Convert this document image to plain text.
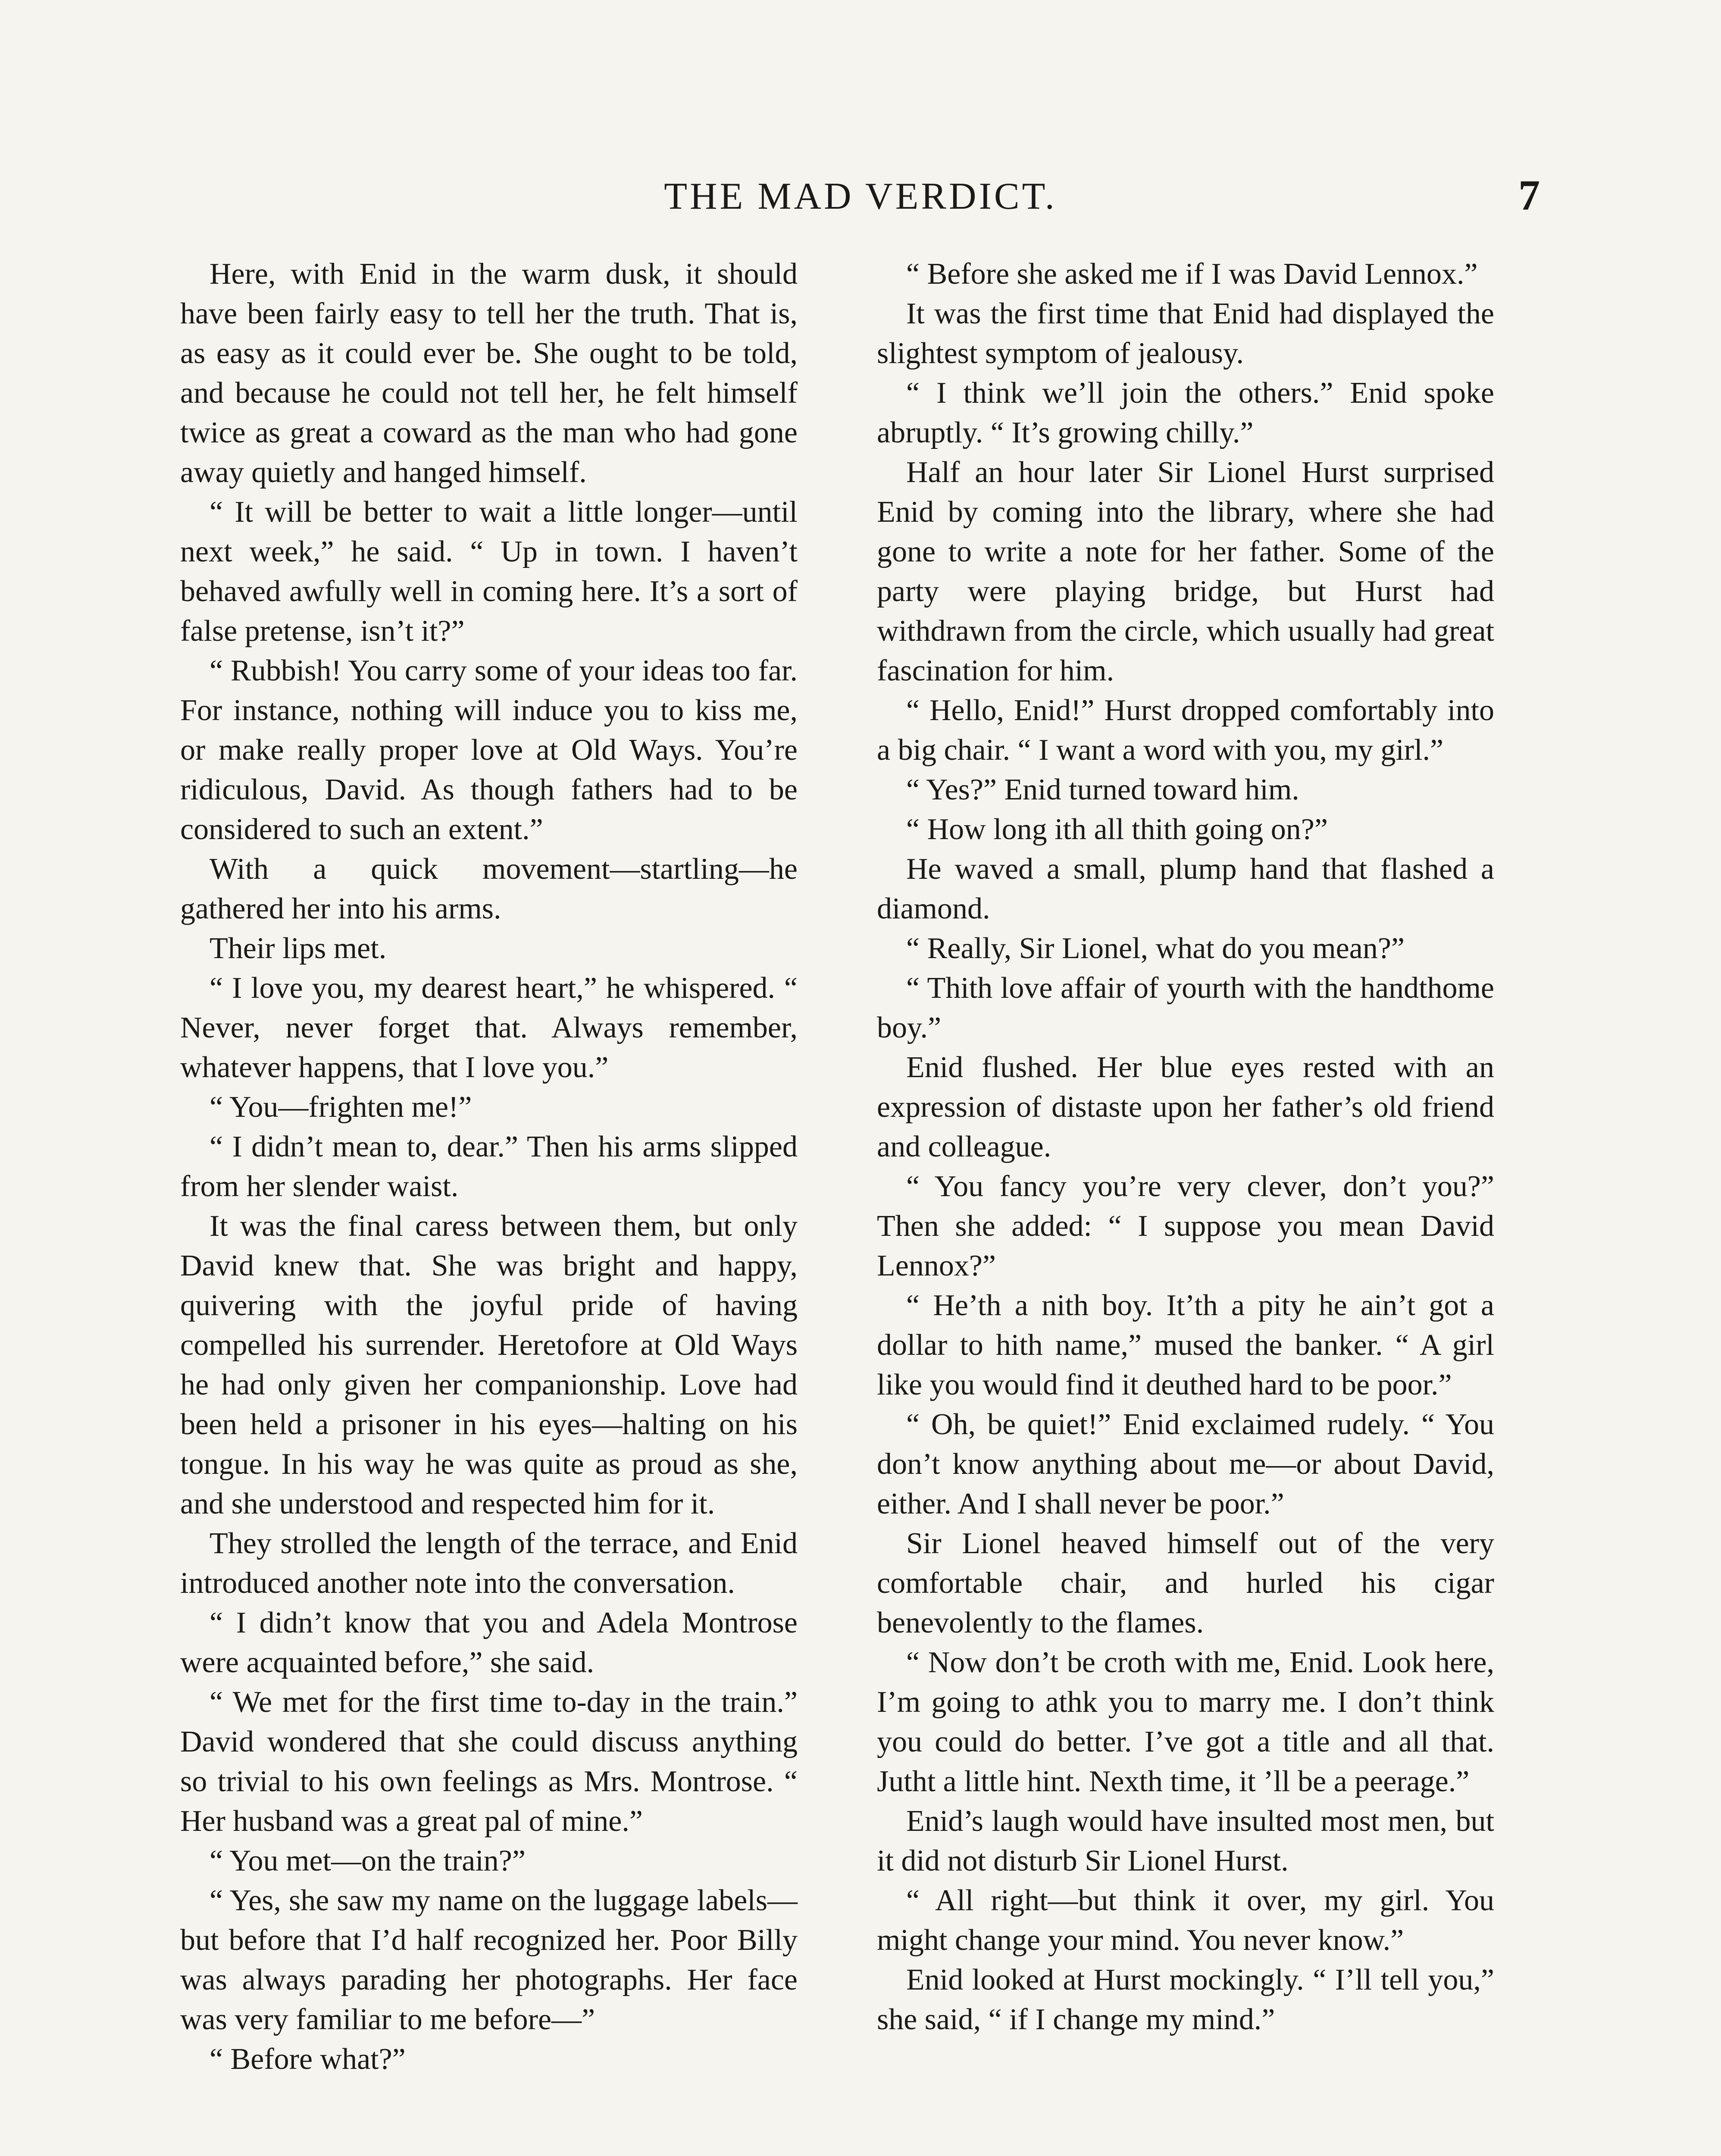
THE MAD VERDICT.	7

Here, with Enid in the warm dusk, it should have been fairly easy to tell her the truth. That is, as easy as it could ever be. She ought to be told, and because he could not tell her, he felt himself twice as great a coward as the man who had gone away quietly and hanged himself.

“ It will be better to wait a little longer—until next week,” he said. “ Up in town. I haven’t behaved awfully well in coming here. It’s a sort of false pretense, isn’t it?”

“ Rubbish! You carry some of your ideas too far. For instance, nothing will induce you to kiss me, or make really proper love at Old Ways. You’re ridiculous, David. As though fathers had to be considered to such an extent.”

With a quick movement—startling—he gathered her into his arms.

Their lips met.

“ I love you, my dearest heart,” he whispered. “ Never, never forget that. Always remember, whatever happens, that I love you.”

“ You—frighten me!”

“ I didn’t mean to, dear.” Then his arms slipped from her slender waist.

It was the final caress between them, but only David knew that. She was bright and happy, quivering with the joyful pride of having compelled his surrender. Heretofore at Old Ways he had only given her companionship. Love had been held a prisoner in his eyes—halting on his tongue. In his way he was quite as proud as she, and she understood and respected him for it.

They strolled the length of the terrace, and Enid introduced another note into the conversation.

“ I didn’t know that you and Adela Montrose were acquainted before,” she said.

“ We met for the first time to-day in the train.” David wondered that she could discuss anything so trivial to his own feelings as Mrs. Montrose. “ Her husband was a great pal of mine.”

“ You met—on the train?”

“ Yes, she saw my name on the luggage labels—but before that I’d half recognized her. Poor Billy was always parading her photographs. Her face was very familiar to me before—”

“ Before what?”

“ Before she asked me if I was David Lennox.”

It was the first time that Enid had displayed the slightest symptom of jealousy.

“ I think we’ll join the others.” Enid spoke abruptly. “ It’s growing chilly.”

Half an hour later Sir Lionel Hurst surprised Enid by coming into the library, where she had gone to write a note for her father. Some of the party were playing bridge, but Hurst had withdrawn from the circle, which usually had great fascination for him.

“ Hello, Enid!” Hurst dropped comfortably into a big chair. “ I want a word with you, my girl.”

“ Yes?” Enid turned toward him.

“ How long ith all thith going on?”

He waved a small, plump hand that flashed a diamond.

“ Really, Sir Lionel, what do you mean?”

“ Thith love affair of yourth with the handthome boy.”

Enid flushed. Her blue eyes rested with an expression of distaste upon her father’s old friend and colleague.

“ You fancy you’re very clever, don’t you?” Then she added: “ I suppose you mean David Lennox?”

“ He’th a nith boy. It’th a pity he ain’t got a dollar to hith name,” mused the banker. “ A girl like you would find it deuthed hard to be poor.”

“ Oh, be quiet!” Enid exclaimed rudely. “ You don’t know anything about me—or about David, either. And I shall never be poor.”

Sir Lionel heaved himself out of the very comfortable chair, and hurled his cigar benevolently to the flames.

“ Now don’t be croth with me, Enid. Look here, I’m going to athk you to marry me. I don’t think you could do better. I’ve got a title and all that. Jutht a little hint. Nexth time, it ’ll be a peerage.”

Enid’s laugh would have insulted most men, but it did not disturb Sir Lionel Hurst.

“ All right—but think it over, my girl. You might change your mind. You never know.”

Enid looked at Hurst mockingly. “ I’ll tell you,” she said, “ if I change my mind.”
